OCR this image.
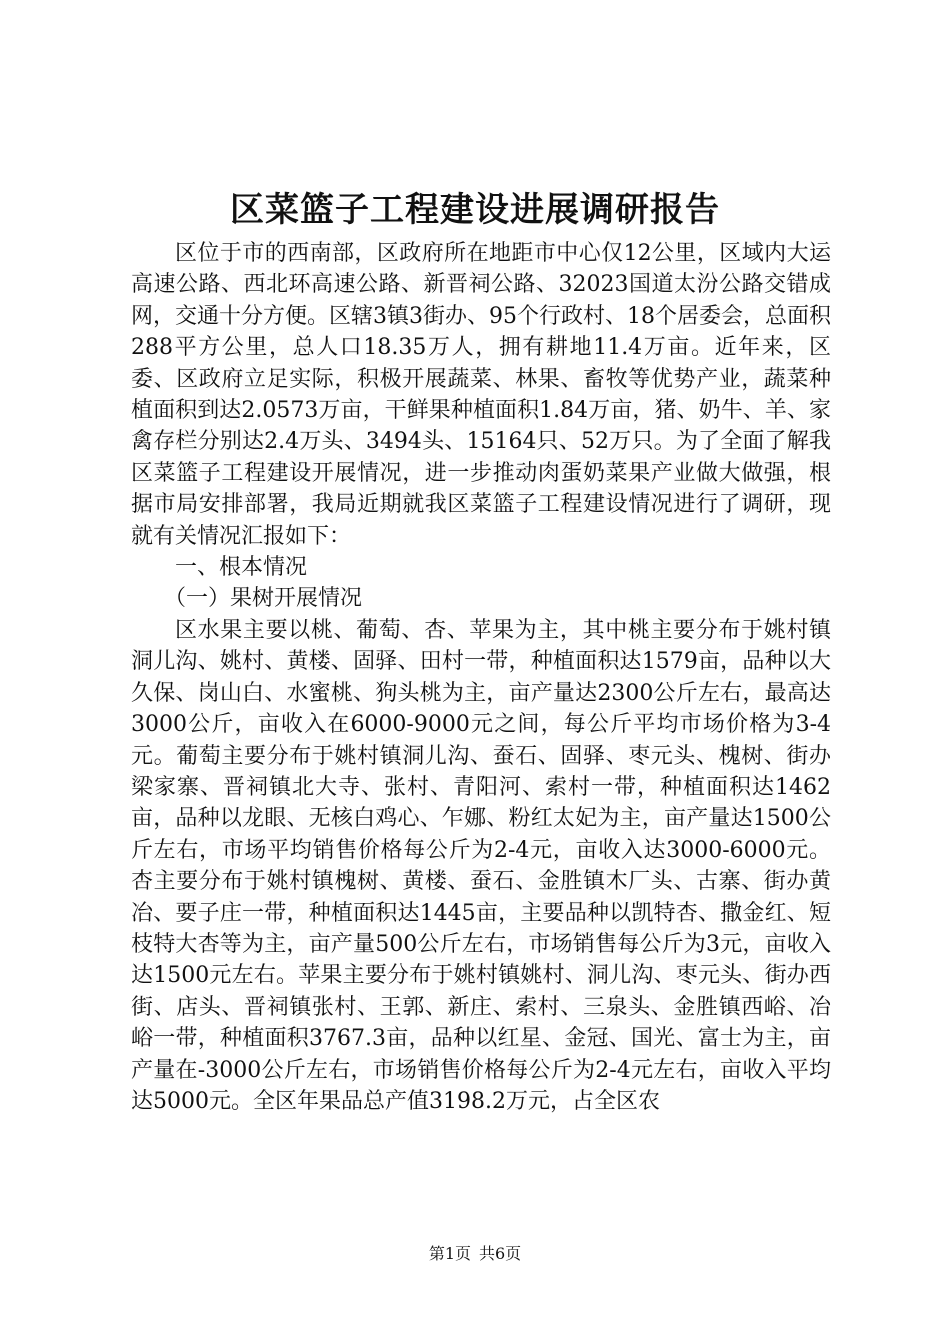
区菜篮子工程建设进展调研报告

区位于市的西南部，区政府所在地距市中心仅12公里，区域内大运高速公路、西北环高速公路、新晋祠公路、32023国道太汾公路交错成网，交通十分方便。区辖3镇3街办、95个行政村、18个居委会，总面积288平方公里，总人口18.35万人，拥有耕地11.4万亩。近年来，区委、区政府立足实际，积极开展蔬菜、林果、畜牧等优势产业，蔬菜种植面积到达2.0573万亩，干鲜果种植面积1.84万亩，猪、奶牛、羊、家禽存栏分别达2.4万头、3494头、15164只、52万只。为了全面了解我区菜篮子工程建设开展情况，进一步推动肉蛋奶菜果产业做大做强，根据市局安排部署，我局近期就我区菜篮子工程建设情况进行了调研，现就有关情况汇报如下：

一、根本情况

（一）果树开展情况

区水果主要以桃、葡萄、杏、苹果为主，其中桃主要分布于姚村镇洞儿沟、姚村、黄楼、固驿、田村一带，种植面积达1579亩，品种以大久保、岗山白、水蜜桃、狗头桃为主，亩产量达2300公斤左右，最高达3000公斤，亩收入在6000-9000元之间，每公斤平均市场价格为3-4元。葡萄主要分布于姚村镇洞儿沟、蚕石、固驿、枣元头、槐树、街办梁家寨、晋祠镇北大寺、张村、青阳河、索村一带，种植面积达1462亩，品种以龙眼、无核白鸡心、乍娜、粉红太妃为主，亩产量达1500公斤左右，市场平均销售价格每公斤为2-4元，亩收入达3000-6000元。杏主要分布于姚村镇槐树、黄楼、蚕石、金胜镇木厂头、古寨、街办黄冶、要子庄一带，种植面积达1445亩，主要品种以凯特杏、撒金红、短枝特大杏等为主，亩产量500公斤左右，市场销售每公斤为3元，亩收入达1500元左右。苹果主要分布于姚村镇姚村、洞儿沟、枣元头、街办西街、店头、晋祠镇张村、王郭、新庄、索村、三泉头、金胜镇西峪、冶峪一带，种植面积3767.3亩，品种以红星、金冠、国光、富士为主，亩产量在-3000公斤左右，市场销售价格每公斤为2-4元左右，亩收入平均达5000元。全区年果品总产值3198.2万元，占全区农

第1页 共6页
